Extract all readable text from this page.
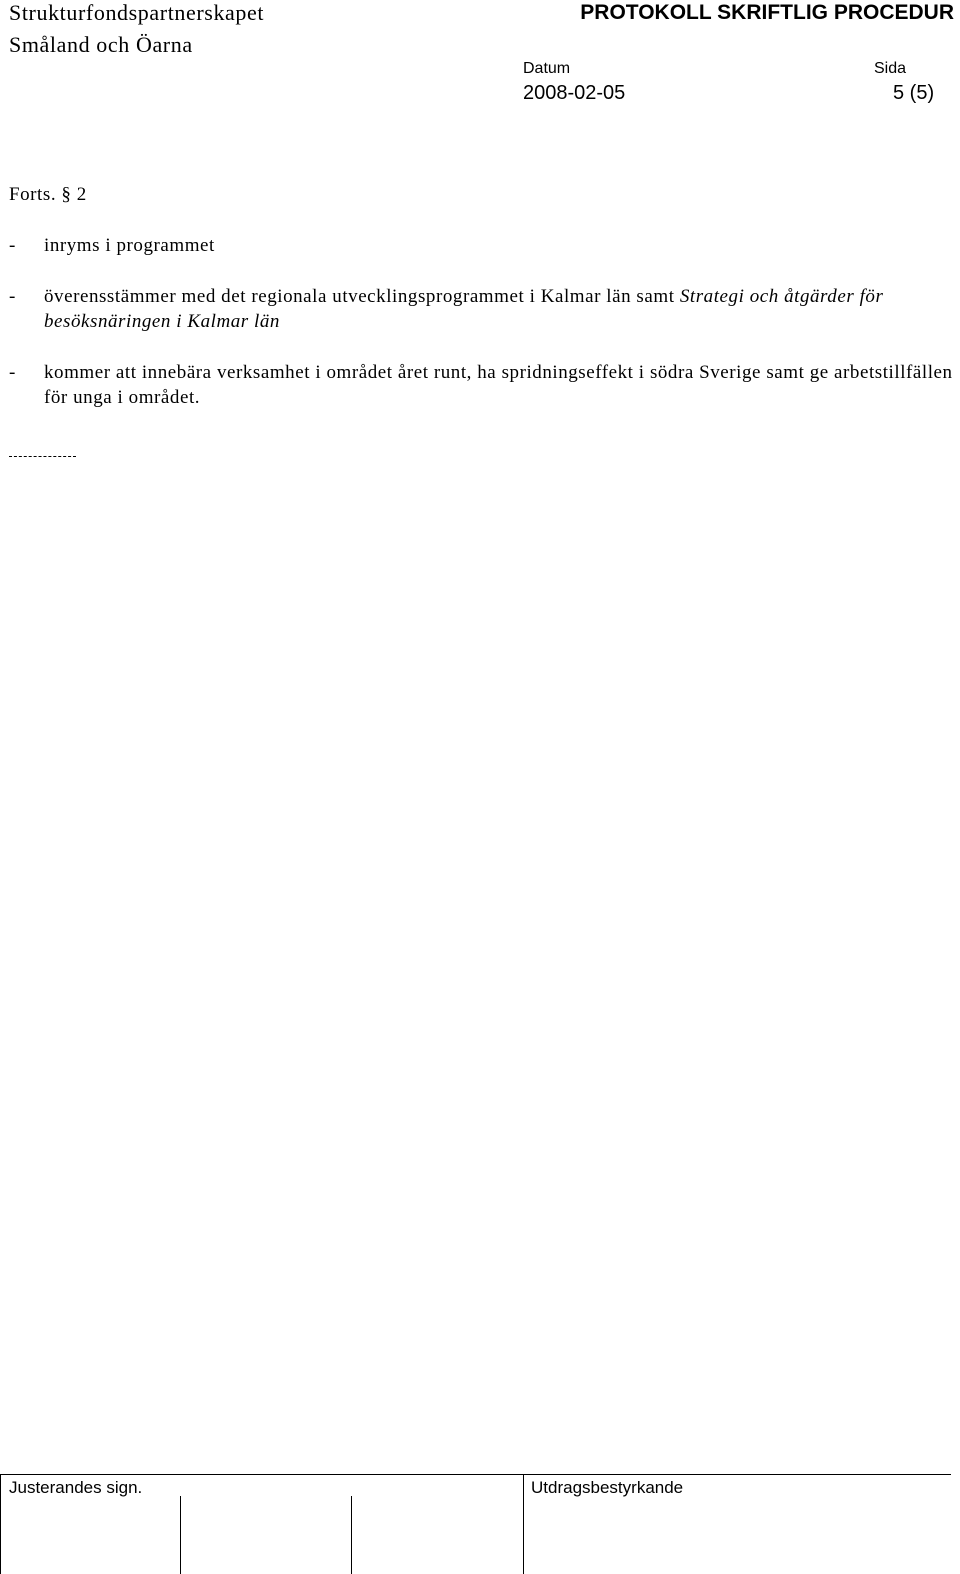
Strukturfondspartnerskapet
Småland och Öarna
PROTOKOLL SKRIFTLIG PROCEDUR
Datum
2008-02-05
Sida
5 (5)
Forts. § 2
- inryms i programmet
- överensstämmer med det regionala utvecklingsprogrammet i Kalmar län samt Strategi och åtgärder för besöksnäringen i Kalmar län
- kommer att innebära verksamhet i området året runt, ha spridningseffekt i södra Sverige samt ge arbetstillfällen för unga i området.
Justerandes sign.	Utdragsbestyrkande
